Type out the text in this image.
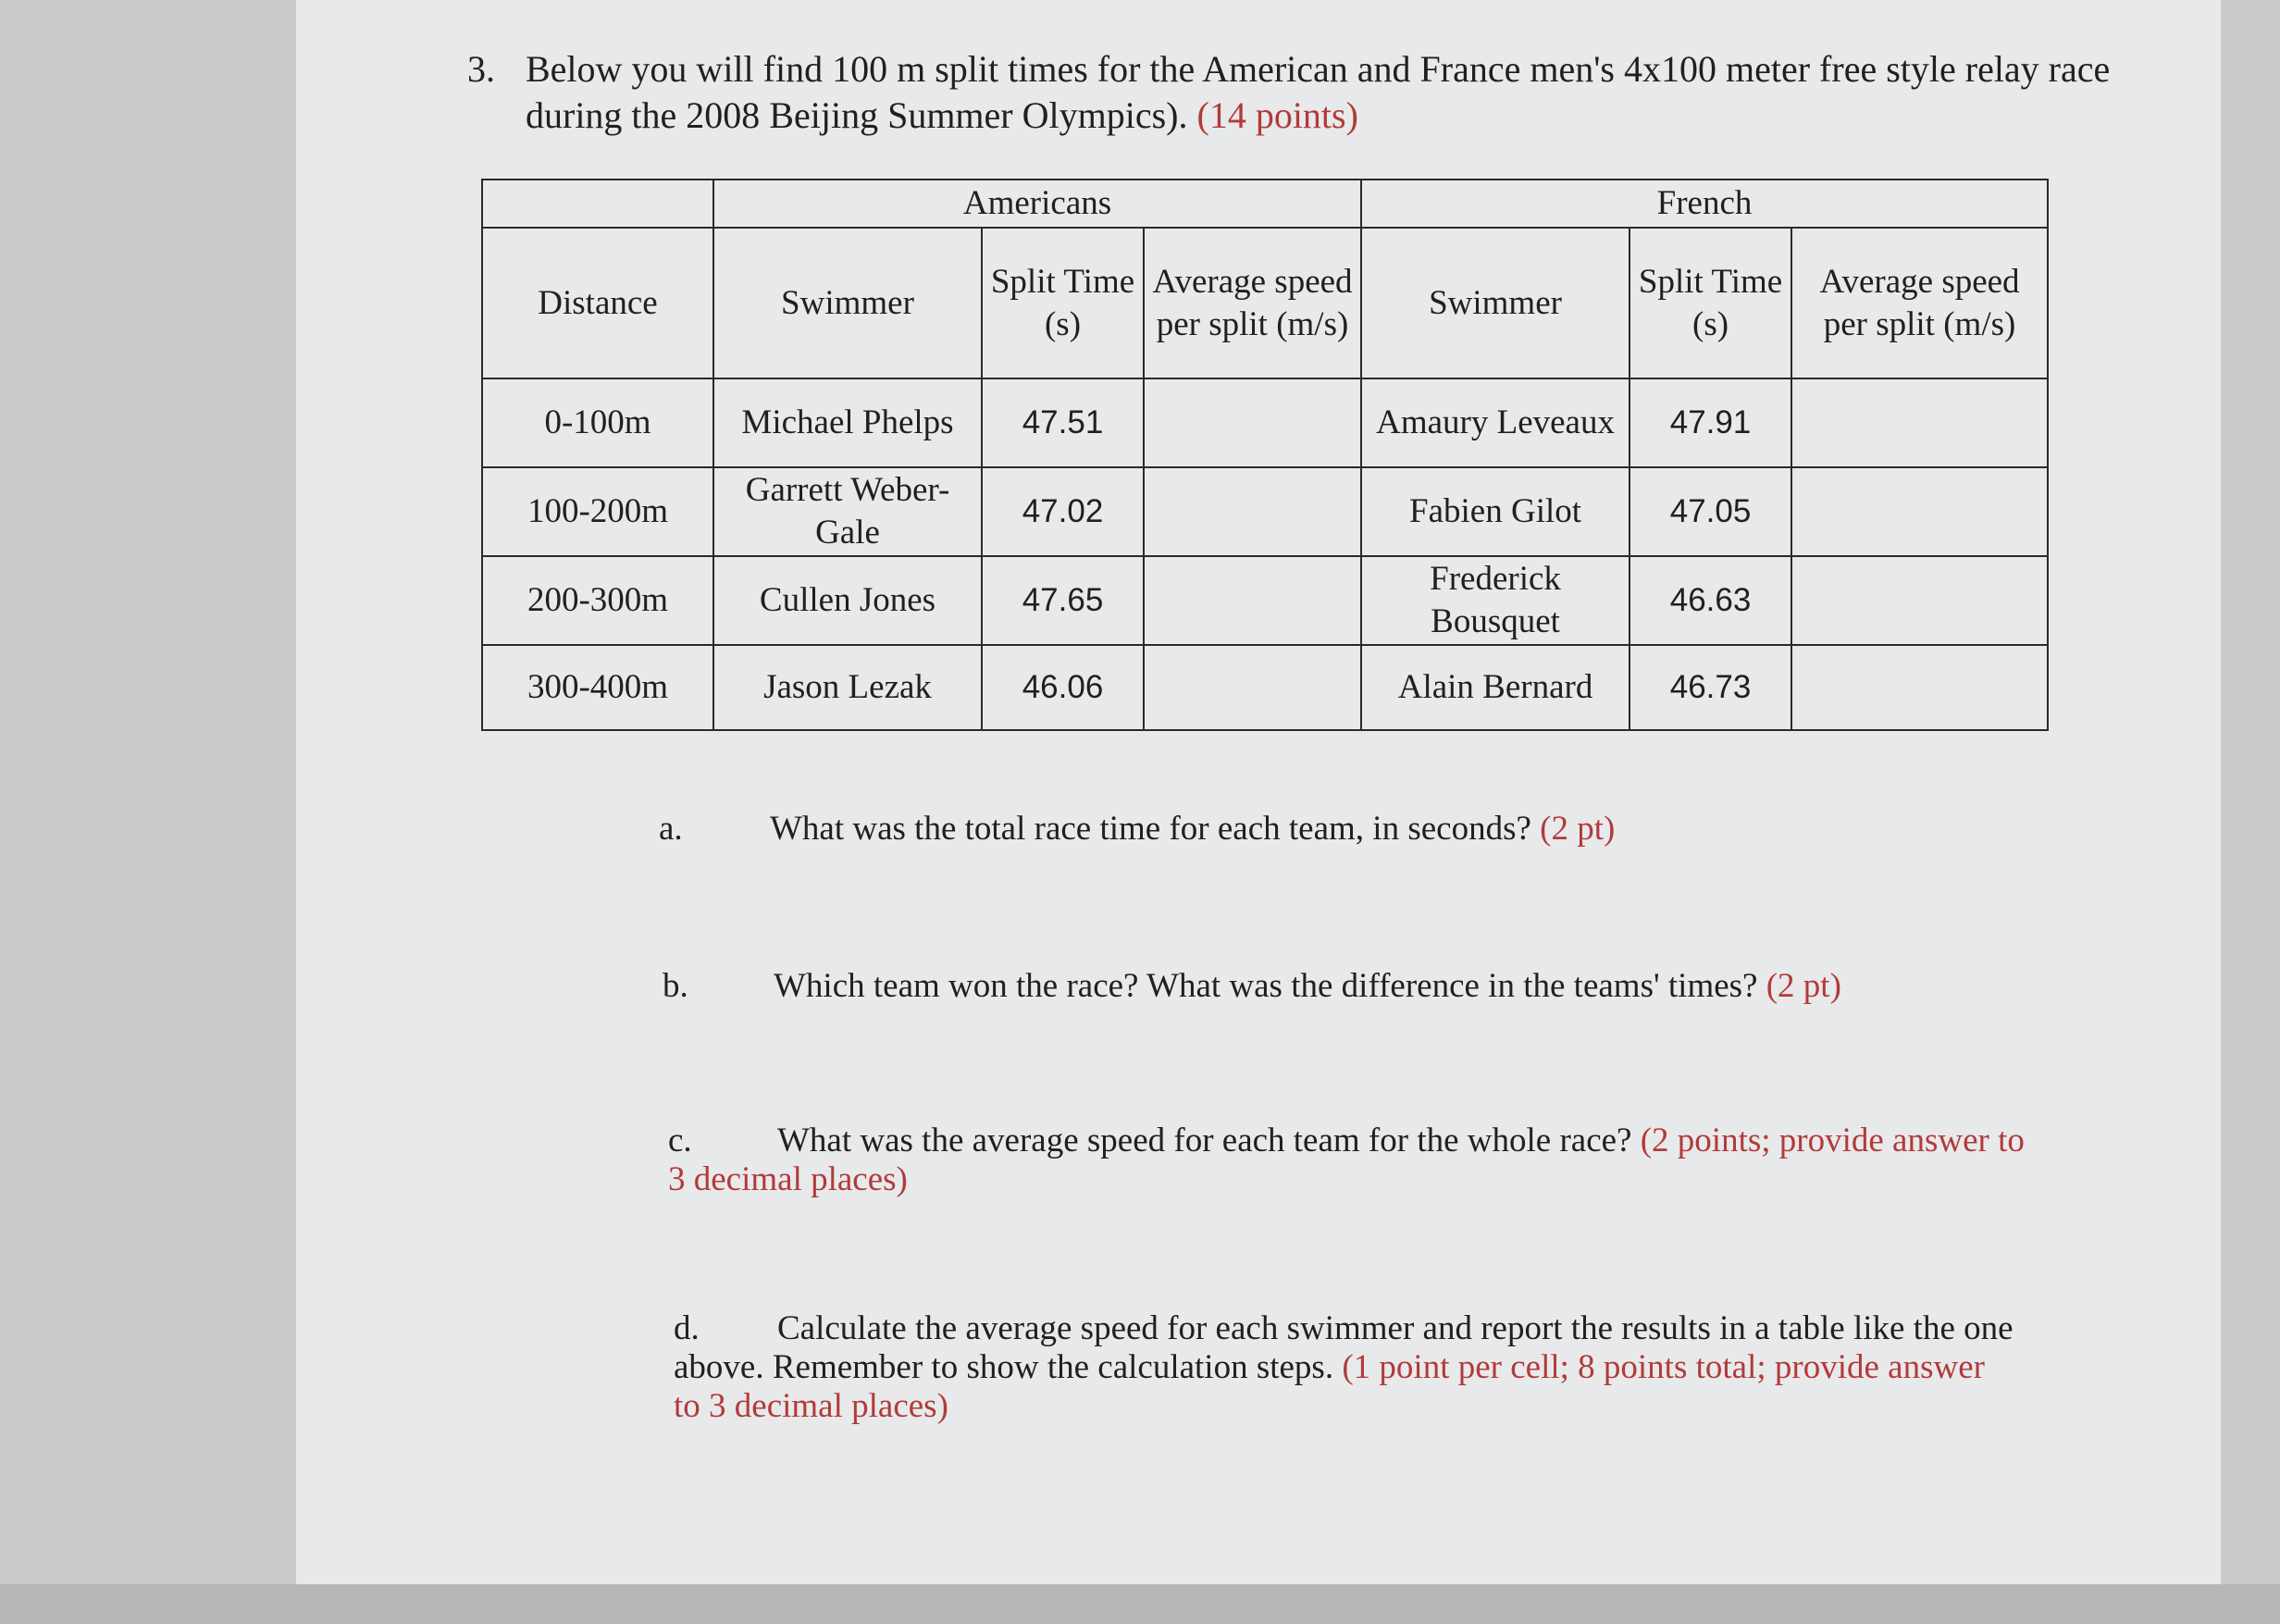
3. Below you will find 100 m split times for the American and France men's 4x100 meter free style relay race during the 2008 Beijing Summer Olympics). (14 points)
	Americans			French		
Distance	Swimmer	Split Time (s)	Average speed per split (m/s)	Swimmer	Split Time (s)	Average speed per split (m/s)
0-100m	Michael Phelps	47.51		Amaury Leveaux	47.91	
100-200m	Garrett Weber-Gale	47.02		Fabien Gilot	47.05	
200-300m	Cullen Jones	47.65		Frederick Bousquet	46.63	
300-400m	Jason Lezak	46.06		Alain Bernard	46.73	
a.	What was the total race time for each team, in seconds? (2 pt)
b.	Which team won the race? What was the difference in the teams' times? (2 pt)
c. What was the average speed for each team for the whole race? (2 points; provide answer to 3 decimal places)
d. Calculate the average speed for each swimmer and report the results in a table like the one above. Remember to show the calculation steps. (1 point per cell; 8 points total; provide answer to 3 decimal places)
